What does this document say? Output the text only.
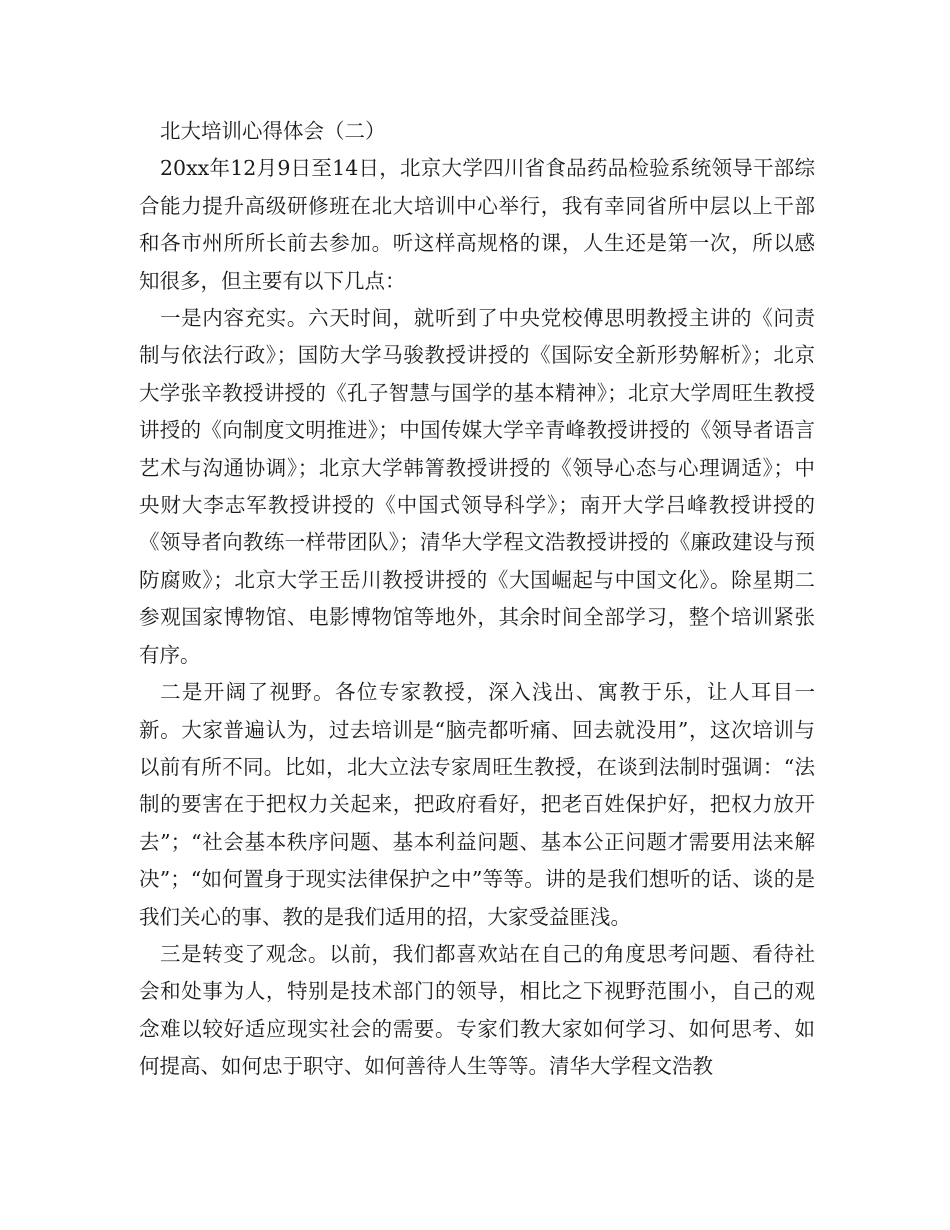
北大培训心得体会（二）

20xx年12月9日至14日，北京大学四川省食品药品检验系统领导干部综合能力提升高级研修班在北大培训中心举行，我有幸同省所中层以上干部和各市州所所长前去参加。听这样高规格的课，人生还是第一次，所以感知很多，但主要有以下几点：

一是内容充实。六天时间，就听到了中央党校傅思明教授主讲的《问责制与依法行政》；国防大学马骏教授讲授的《国际安全新形势解析》；北京大学张辛教授讲授的《孔子智慧与国学的基本精神》；北京大学周旺生教授讲授的《向制度文明推进》；中国传媒大学辛青峰教授讲授的《领导者语言艺术与沟通协调》；北京大学韩箐教授讲授的《领导心态与心理调适》；中央财大李志军教授讲授的《中国式领导科学》；南开大学吕峰教授讲授的《领导者向教练一样带团队》；清华大学程文浩教授讲授的《廉政建设与预防腐败》；北京大学王岳川教授讲授的《大国崛起与中国文化》。除星期二参观国家博物馆、电影博物馆等地外，其余时间全部学习，整个培训紧张有序。

二是开阔了视野。各位专家教授，深入浅出、寓教于乐，让人耳目一新。大家普遍认为，过去培训是“脑壳都听痛、回去就没用”，这次培训与以前有所不同。比如，北大立法专家周旺生教授，在谈到法制时强调：“法制的要害在于把权力关起来，把政府看好，把老百姓保护好，把权力放开去”；“社会基本秩序问题、基本利益问题、基本公正问题才需要用法来解决”；“如何置身于现实法律保护之中”等等。讲的是我们想听的话、谈的是我们关心的事、教的是我们适用的招，大家受益匪浅。

三是转变了观念。以前，我们都喜欢站在自己的角度思考问题、看待社会和处事为人，特别是技术部门的领导，相比之下视野范围小，自己的观念难以较好适应现实社会的需要。专家们教大家如何学习、如何思考、如何提高、如何忠于职守、如何善待人生等等。清华大学程文浩教
